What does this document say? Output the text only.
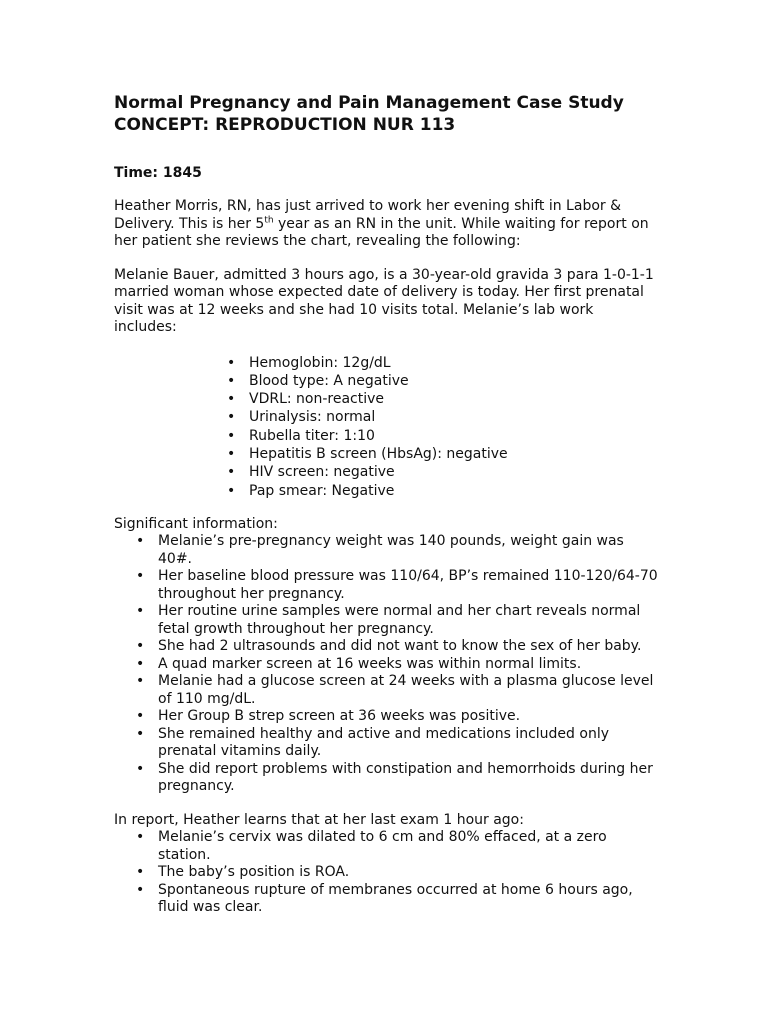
Normal Pregnancy and Pain Management Case Study
CONCEPT: REPRODUCTION NUR 113
Time: 1845

Heather Morris, RN, has just arrived to work her evening shift in Labor & Delivery. This is her 5th year as an RN in the unit. While waiting for report on her patient she reviews the chart, revealing the following:

Melanie Bauer, admitted 3 hours ago, is a 30-year-old gravida 3 para 1-0-1-1 married woman whose expected date of delivery is today. Her first prenatal visit was at 12 weeks and she had 10 visits total. Melanie’s lab work includes:

• Hemoglobin: 12g/dL
• Blood type: A negative
• VDRL: non-reactive
• Urinalysis: normal
• Rubella titer: 1:10
• Hepatitis B screen (HbsAg): negative
• HIV screen: negative
• Pap smear: Negative
Significant information:
• Melanie’s pre-pregnancy weight was 140 pounds, weight gain was 40#.
• Her baseline blood pressure was 110/64, BP’s remained 110-120/64-70 throughout her pregnancy.
• Her routine urine samples were normal and her chart reveals normal fetal growth throughout her pregnancy.
• She had 2 ultrasounds and did not want to know the sex of her baby.
• A quad marker screen at 16 weeks was within normal limits.
• Melanie had a glucose screen at 24 weeks with a plasma glucose level of 110 mg/dL.
• Her Group B strep screen at 36 weeks was positive.
• She remained healthy and active and medications included only prenatal vitamins daily.
• She did report problems with constipation and hemorrhoids during her pregnancy.
In report, Heather learns that at her last exam 1 hour ago:
• Melanie’s cervix was dilated to 6 cm and 80% effaced, at a zero station.
• The baby’s position is ROA.
• Spontaneous rupture of membranes occurred at home 6 hours ago, fluid was clear.
